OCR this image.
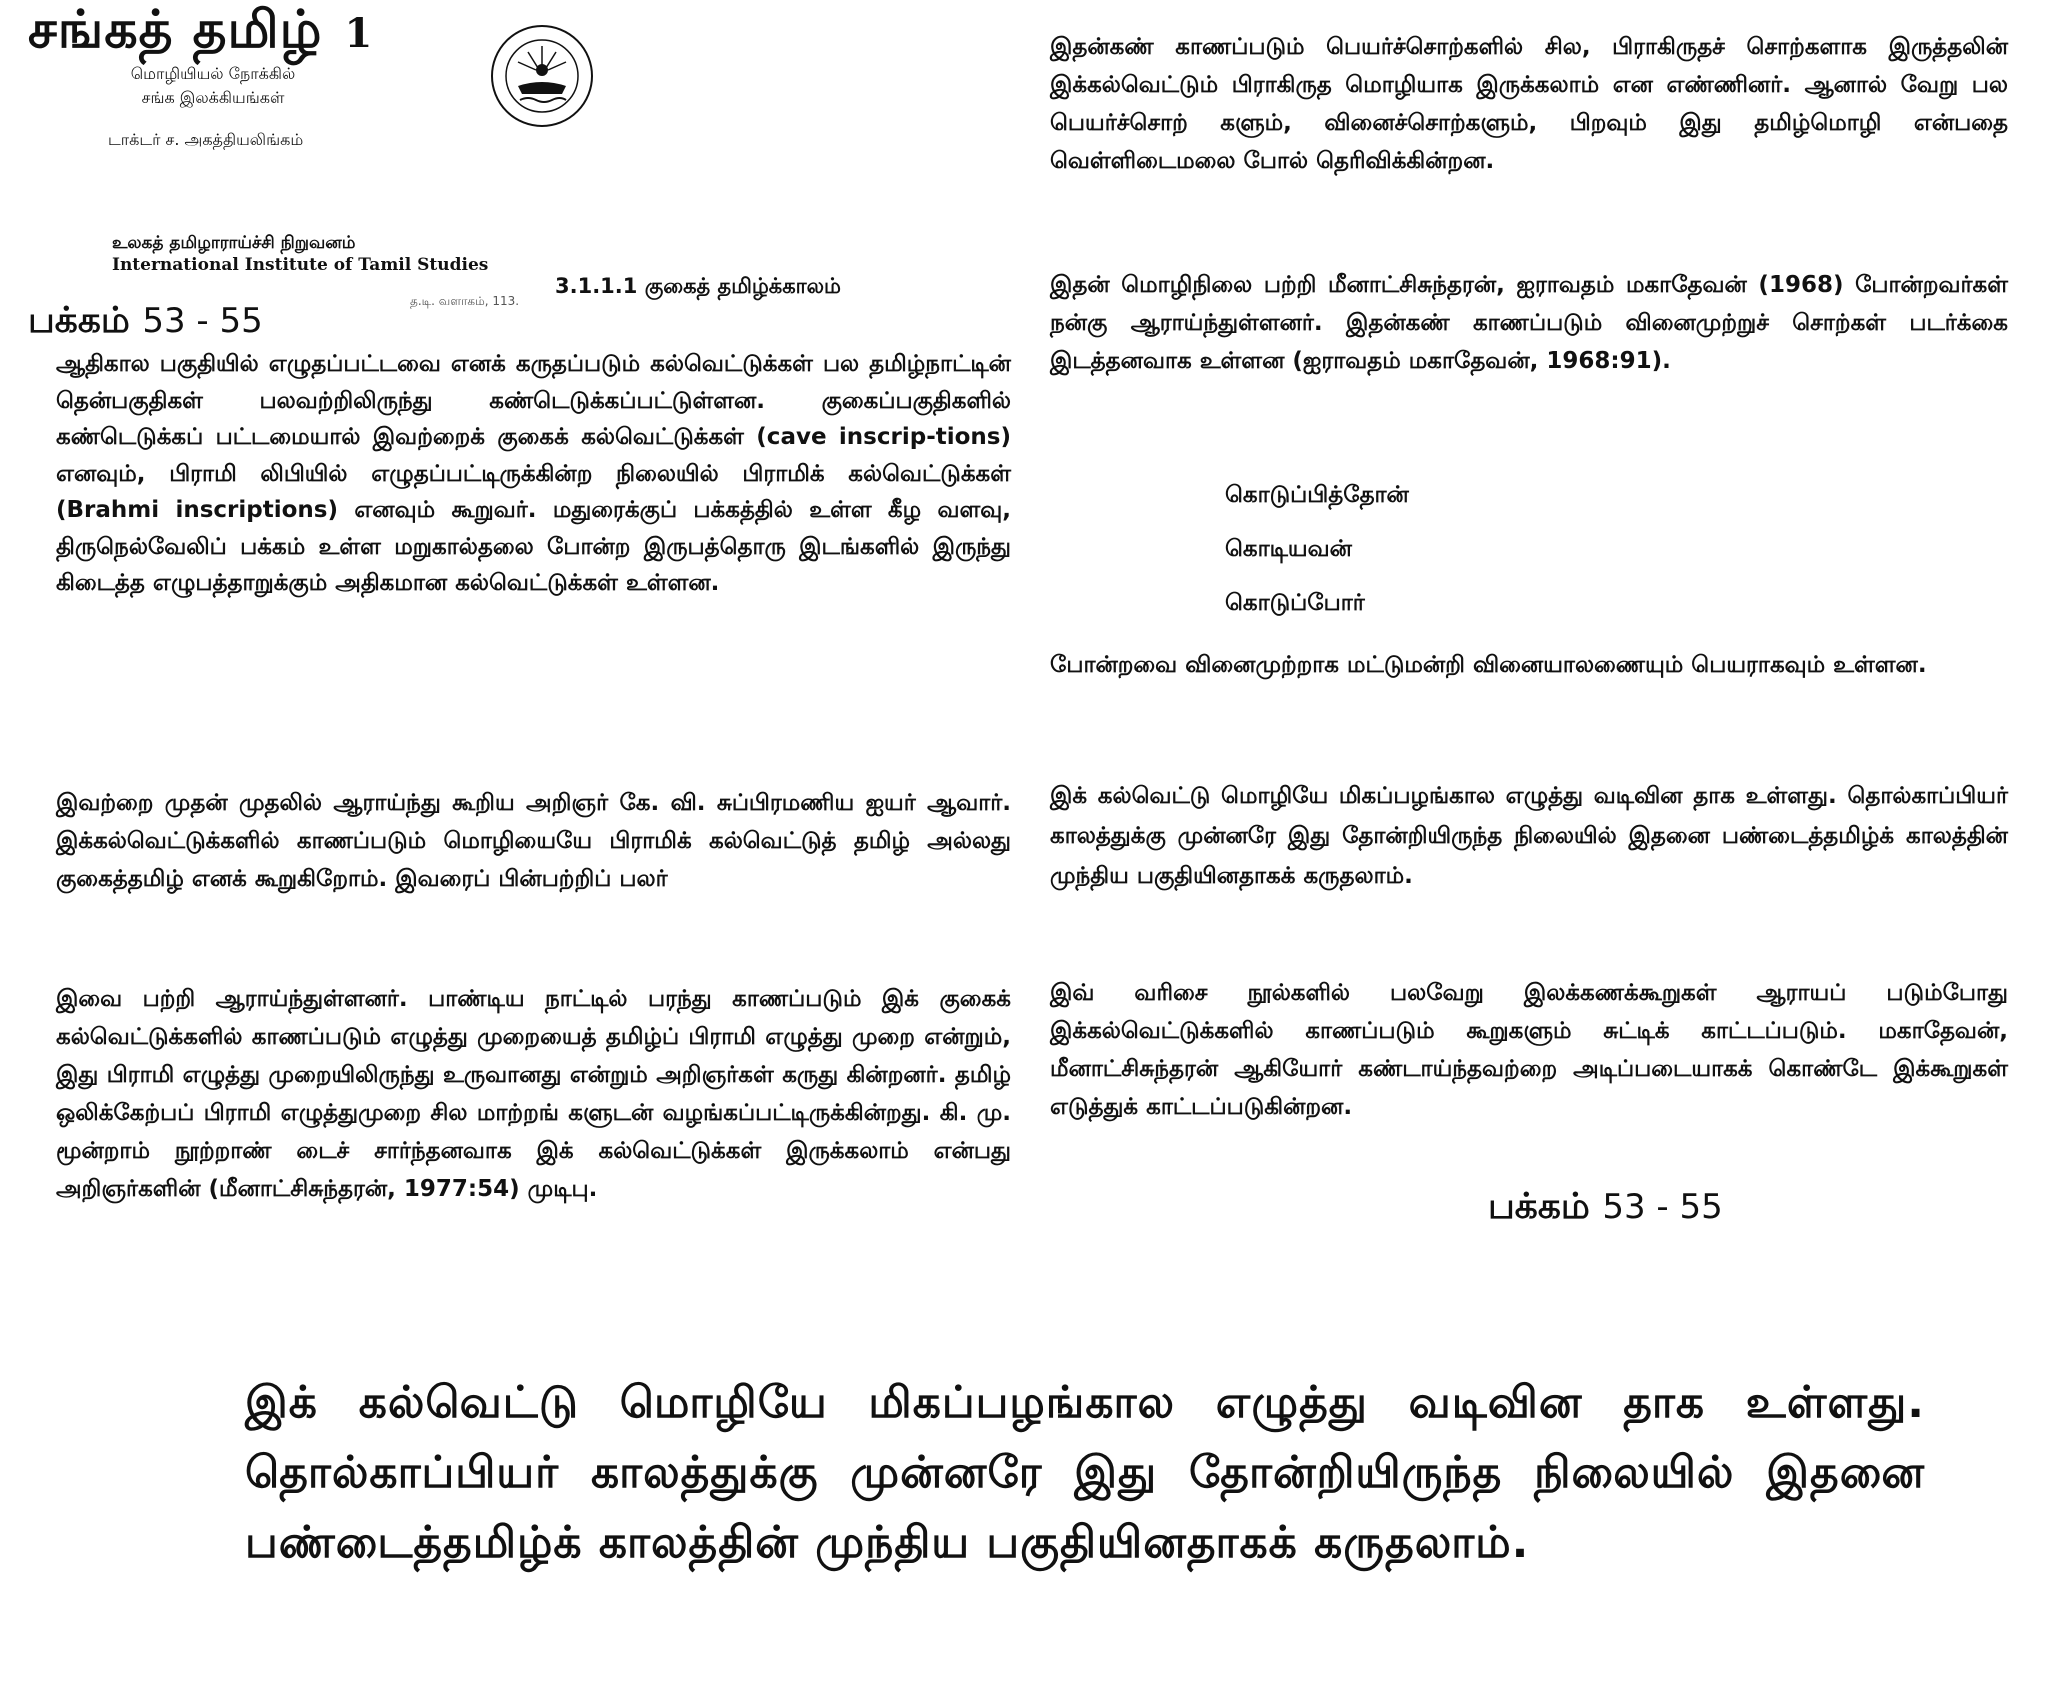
சங்கத் தமிழ் 1
மொழியியல் நோக்கில்
சங்க இலக்கியங்கள்
டாக்டர் ச. அகத்தியலிங்கம்
உலகத் தமிழாராய்ச்சி நிறுவனம்
International Institute of Tamil Studies
த.டி. வளாகம், 113.
பக்கம் 53 - 55
3.1.1.1 குகைத் தமிழ்க்காலம்

ஆதிகால பகுதியில் எழுதப்பட்டவை எனக் கருதப்படும் கல்வெட்டுக்கள் பல தமிழ்நாட்டின் தென்பகுதிகள் பலவற்றிலிருந்து கண்டெடுக்கப்பட்டுள்ளன. குகைப்பகுதிகளில் கண்டெடுக்கப் பட்டமையால் இவற்றைக் குகைக் கல்வெட்டுக்கள் (cave inscrip-tions) எனவும், பிராமி லிபியில் எழுதப்பட்டிருக்கின்ற நிலையில் பிராமிக் கல்வெட்டுக்கள் (Brahmi inscriptions) எனவும் கூறுவர். மதுரைக்குப் பக்கத்தில் உள்ள கீழ வளவு, திருநெல்வேலிப் பக்கம் உள்ள மறுகால்தலை போன்ற இருபத்தொரு இடங்களில் இருந்து கிடைத்த எழுபத்தாறுக்கும் அதிகமான கல்வெட்டுக்கள் உள்ளன.

இவற்றை முதன் முதலில் ஆராய்ந்து கூறிய அறிஞர் கே. வி. சுப்பிரமணிய ஐயர் ஆவார். இக்கல்வெட்டுக்களில் காணப்படும் மொழியையே பிராமிக் கல்வெட்டுத் தமிழ் அல்லது குகைத்தமிழ் எனக் கூறுகிறோம். இவரைப் பின்பற்றிப் பலர்

இவை பற்றி ஆராய்ந்துள்ளனர். பாண்டிய நாட்டில் பரந்து காணப்படும் இக் குகைக் கல்வெட்டுக்களில் காணப்படும் எழுத்து முறையைத் தமிழ்ப் பிராமி எழுத்து முறை என்றும், இது பிராமி எழுத்து முறையிலிருந்து உருவானது என்றும் அறிஞர்கள் கருது கின்றனர். தமிழ் ஒலிக்கேற்பப் பிராமி எழுத்துமுறை சில மாற்றங் களுடன் வழங்கப்பட்டிருக்கின்றது. கி. மு. மூன்றாம் நூற்றாண் டைச் சார்ந்தனவாக இக் கல்வெட்டுக்கள் இருக்கலாம் என்பது அறிஞர்களின் (மீனாட்சிசுந்தரன், 1977:54) முடிபு.

இதன்கண் காணப்படும் பெயர்ச்சொற்களில் சில, பிராகிருதச் சொற்களாக இருத்தலின் இக்கல்வெட்டும் பிராகிருத மொழியாக இருக்கலாம் என எண்ணினர். ஆனால் வேறு பல பெயர்ச்சொற் களும், வினைச்சொற்களும், பிறவும் இது தமிழ்மொழி என்பதை வெள்ளிடைமலை போல் தெரிவிக்கின்றன.

இதன் மொழிநிலை பற்றி மீனாட்சிசுந்தரன், ஐராவதம் மகாதேவன் (1968) போன்றவர்கள் நன்கு ஆராய்ந்துள்ளனர். இதன்கண் காணப்படும் வினைமுற்றுச் சொற்கள் படர்க்கை இடத்தனவாக உள்ளன (ஐராவதம் மகாதேவன், 1968:91).

கொடுப்பித்தோன்
கொடியவன்
கொடுப்போர்

போன்றவை வினைமுற்றாக மட்டுமன்றி வினையாலணையும் பெயராகவும் உள்ளன.

இக் கல்வெட்டு மொழியே மிகப்பழங்கால எழுத்து வடிவின தாக உள்ளது. தொல்காப்பியர் காலத்துக்கு முன்னரே இது தோன்றியிருந்த நிலையில் இதனை பண்டைத்தமிழ்க் காலத்தின் முந்திய பகுதியினதாகக் கருதலாம்.

இவ் வரிசை நூல்களில் பலவேறு இலக்கணக்கூறுகள் ஆராயப் படும்போது இக்கல்வெட்டுக்களில் காணப்படும் கூறுகளும் சுட்டிக் காட்டப்படும். மகாதேவன், மீனாட்சிசுந்தரன் ஆகியோர் கண்டாய்ந்தவற்றை அடிப்படையாகக் கொண்டே இக்கூறுகள் எடுத்துக் காட்டப்படுகின்றன.

பக்கம் 53 - 55
இக் கல்வெட்டு மொழியே மிகப்பழங்கால எழுத்து வடிவின தாக உள்ளது. தொல்காப்பியர் காலத்துக்கு முன்னரே இது தோன்றியிருந்த நிலையில் இதனை பண்டைத்தமிழ்க் காலத்தின் முந்திய பகுதியினதாகக் கருதலாம்.
